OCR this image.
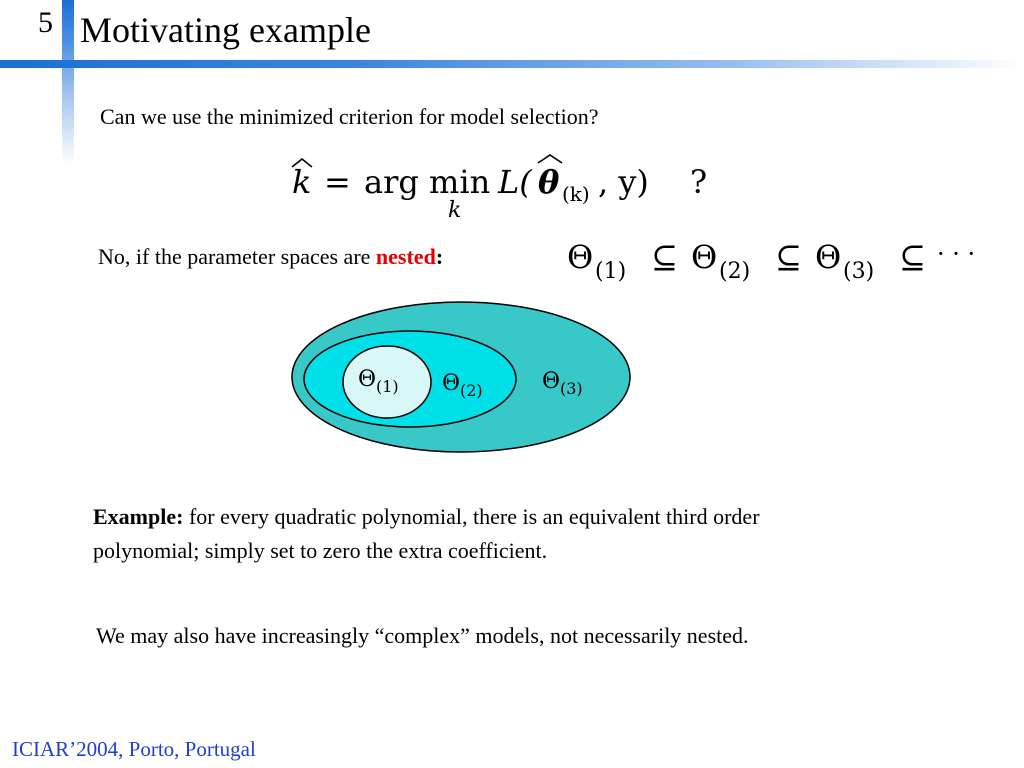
5 Motivating example
Can we use the minimized criterion for model selection?
k = arg min
k
L( θ (k) , y) ?
No, if the parameter spaces are nested:	Θ (1) ⊆ Θ (2) ⊆ Θ (3) ⊆ · · ·
Θ (1) Θ (2)	Θ (3)
Example: for every quadratic polynomial, there is an equivalent third order polynomial; simply set to zero the extra coefficient.
We may also have increasingly “complex” models, not necessarily nested.
ICIAR’2004, Porto, Portugal
